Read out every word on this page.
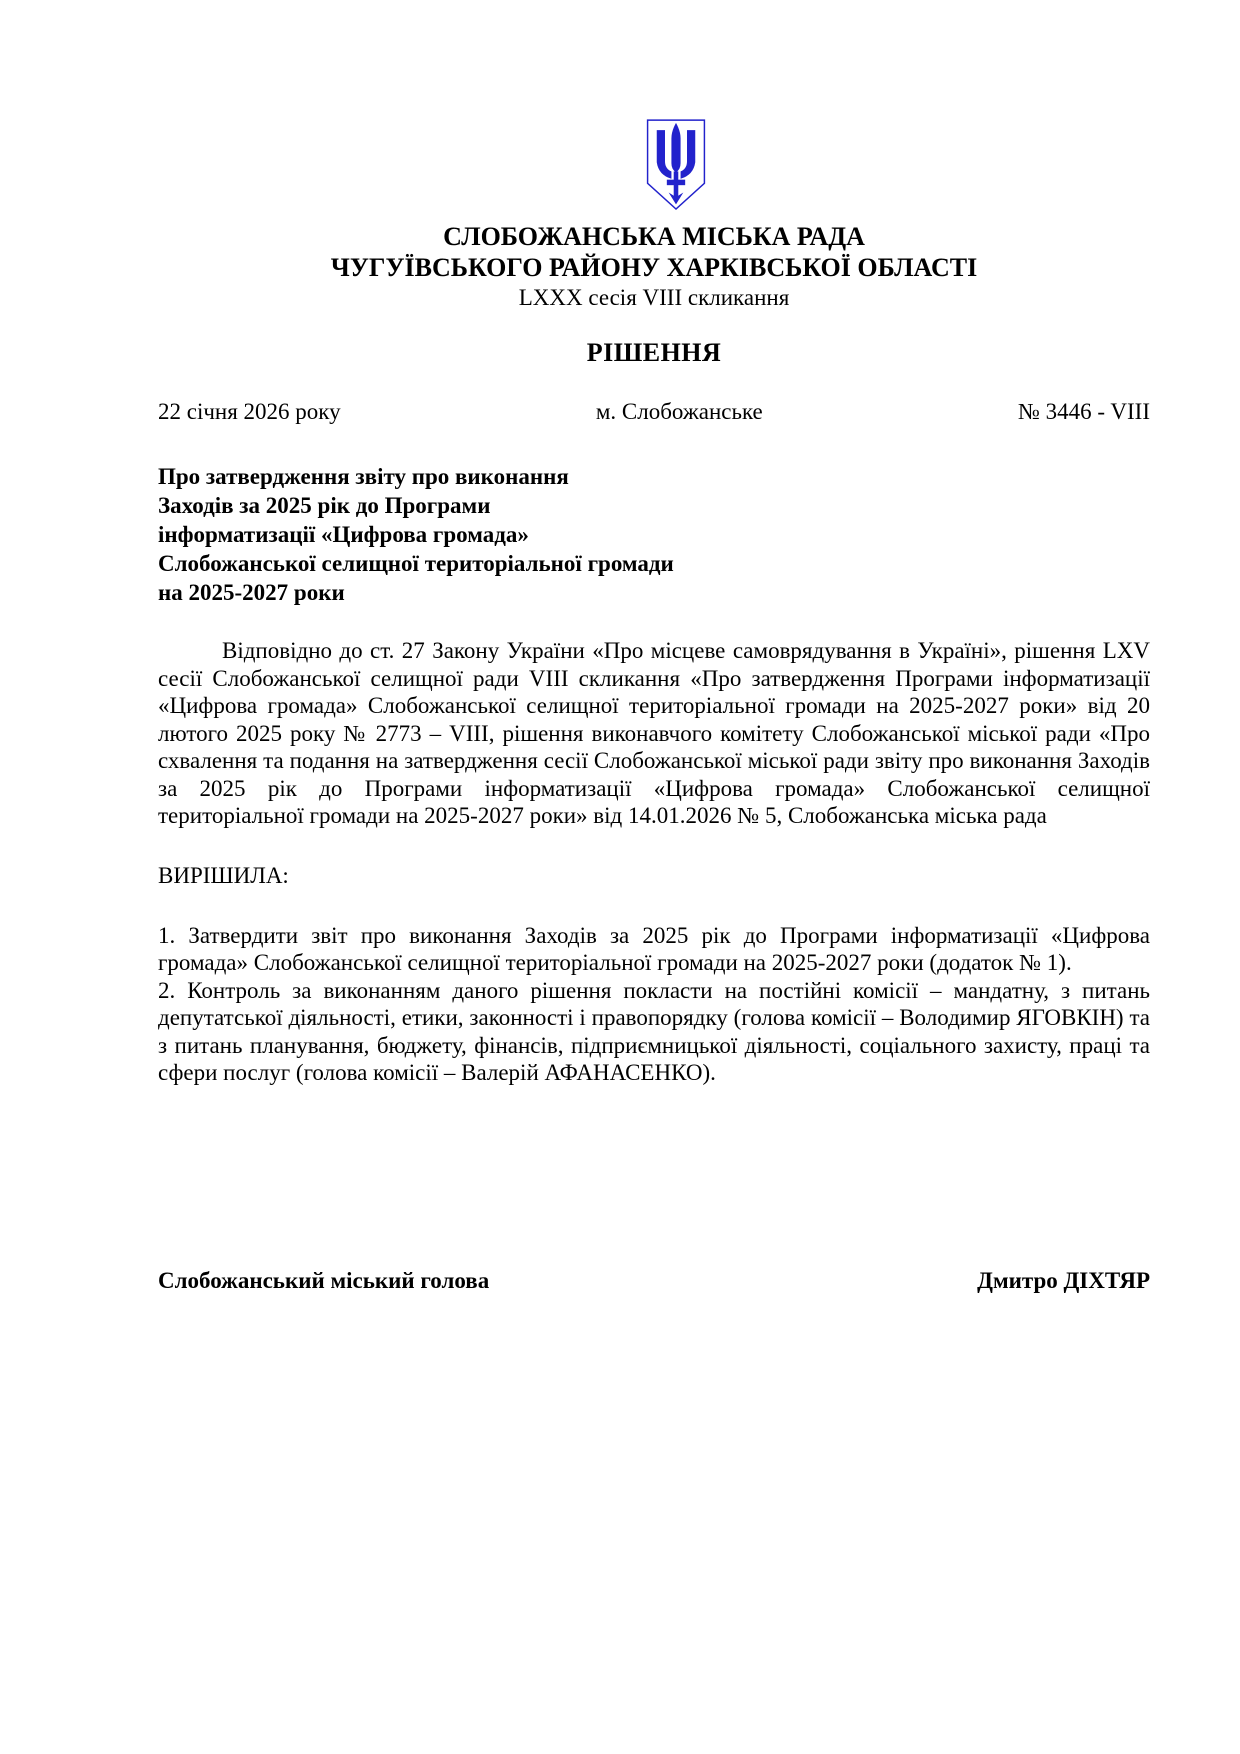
СЛОБОЖАНСЬКА МІСЬКА РАДА
ЧУГУЇВСЬКОГО РАЙОНУ ХАРКІВСЬКОЇ ОБЛАСТІ
LXXX сесія VIII скликання
РІШЕННЯ
22 січня 2026 року	м. Слобожанське	№ 3446 - VIII
Про затвердження звіту про виконання
Заходів за 2025 рік до Програми
інформатизації «Цифрова громада»
Слобожанської селищної територіальної громади
на 2025-2027 роки

Відповідно до ст. 27 Закону України «Про місцеве самоврядування в Україні», рішення LXV сесії Слобожанської селищної ради VIII скликання «Про затвердження Програми інформатизації «Цифрова громада» Слобожанської селищної територіальної громади на 2025-2027 роки» від 20 лютого 2025 року № 2773 – VIII, рішення виконавчого комітету Слобожанської міської ради «Про схвалення та подання на затвердження сесії Слобожанської міської ради звіту про виконання Заходів за 2025 рік до Програми інформатизації «Цифрова громада» Слобожанської селищної територіальної громади на 2025-2027 роки» від 14.01.2026 № 5, Слобожанська міська рада

ВИРІШИЛА:

1. Затвердити звіт про виконання Заходів за 2025 рік до Програми інформатизації «Цифрова громада» Слобожанської селищної територіальної громади на 2025-2027 роки (додаток № 1).

2. Контроль за виконанням даного рішення покласти на постійні комісії – мандатну, з питань депутатської діяльності, етики, законності і правопорядку (голова комісії – Володимир ЯГОВКІН) та з питань планування, бюджету, фінансів, підприємницької діяльності, соціального захисту, праці та сфери послуг (голова комісії – Валерій АФАНАСЕНКО).

Слобожанський міський голова	Дмитро ДІХТЯР
